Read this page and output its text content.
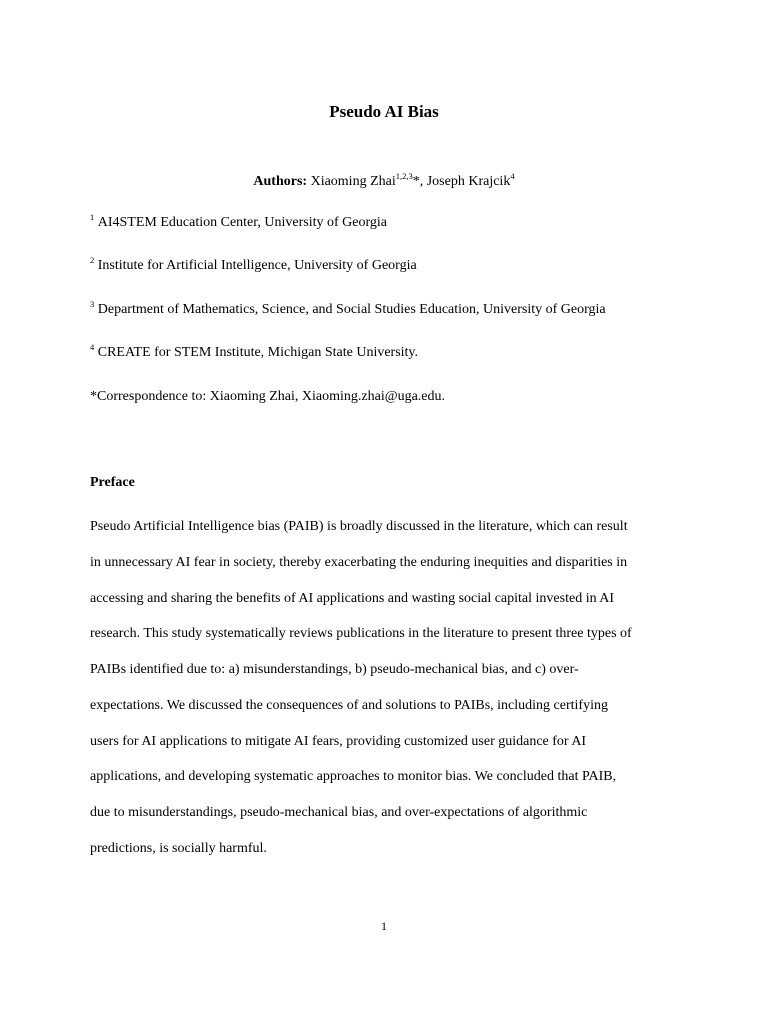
Pseudo AI Bias
Authors: Xiaoming Zhai$^{1,2,3}$*, Joseph Krajcik$^4$
$^1$ AI4STEM Education Center, University of Georgia
$^2$ Institute for Artificial Intelligence, University of Georgia
$^3$ Department of Mathematics, Science, and Social Studies Education, University of Georgia
$^4$ CREATE for STEM Institute, Michigan State University.
*Correspondence to: Xiaoming Zhai, Xiaoming.zhai@uga.edu.
Preface
Pseudo Artificial Intelligence bias (PAIB) is broadly discussed in the literature, which can result
in unnecessary AI fear in society, thereby exacerbating the enduring inequities and disparities in
accessing and sharing the benefits of AI applications and wasting social capital invested in AI
research. This study systematically reviews publications in the literature to present three types of
PAIBs identified due to: a) misunderstandings, b) pseudo-mechanical bias, and c) over-
expectations. We discussed the consequences of and solutions to PAIBs, including certifying
users for AI applications to mitigate AI fears, providing customized user guidance for AI
applications, and developing systematic approaches to monitor bias. We concluded that PAIB,
due to misunderstandings, pseudo-mechanical bias, and over-expectations of algorithmic
predictions, is socially harmful.
1
